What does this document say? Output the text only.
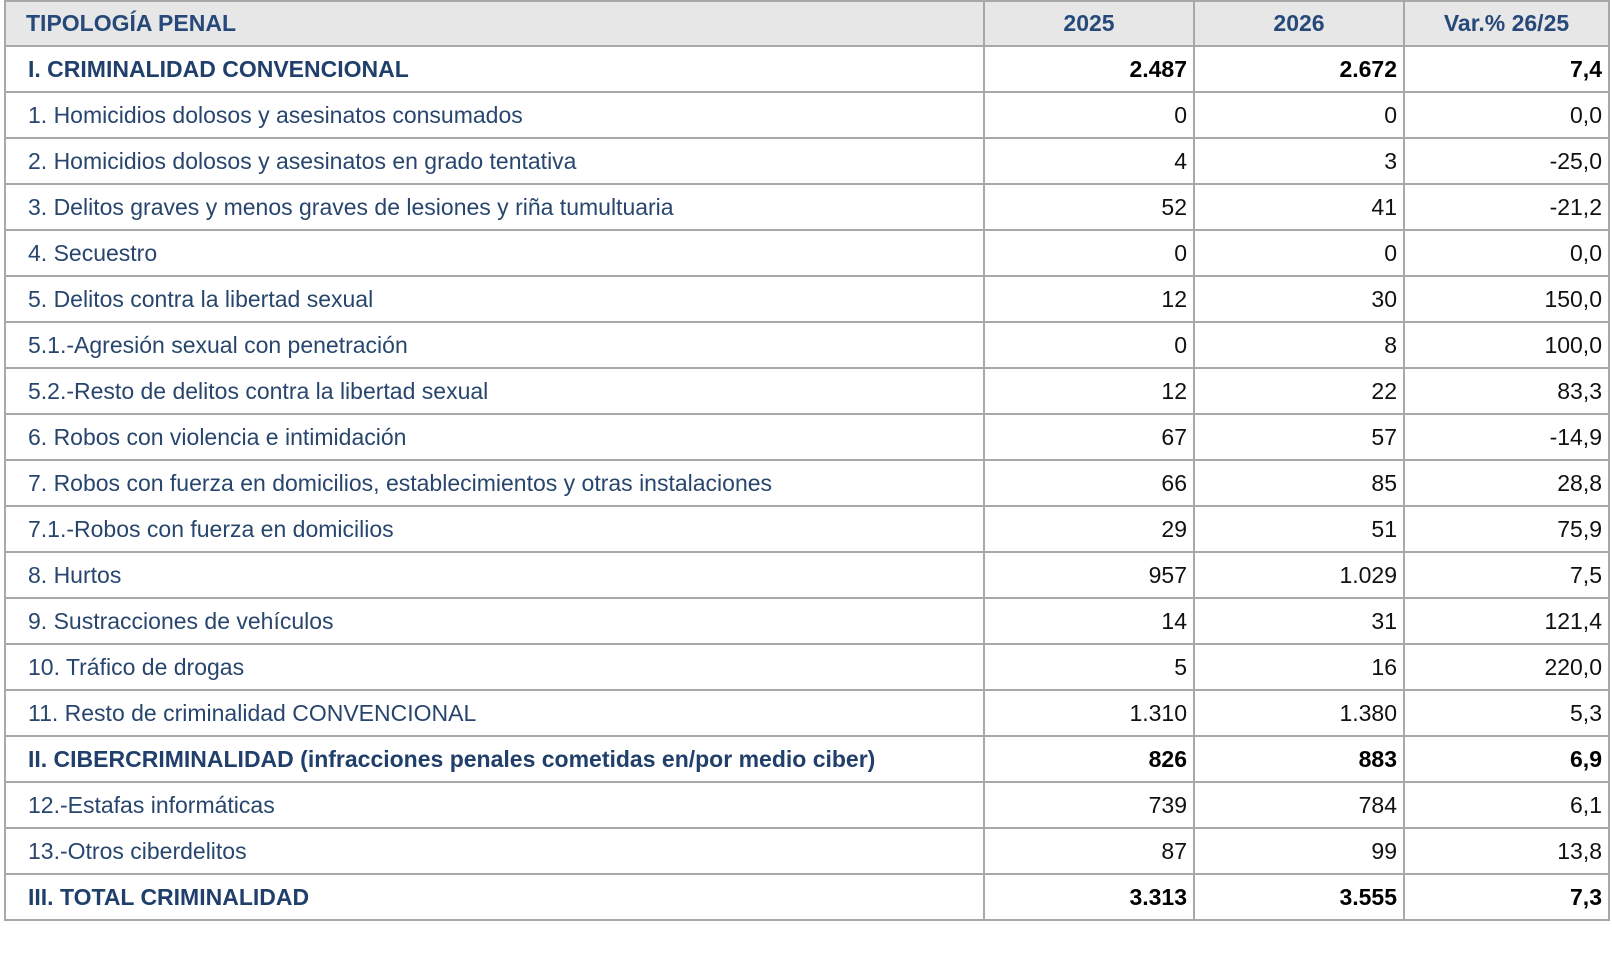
TIPOLOGÍA PENAL	2025	2026	Var.% 26/25
I. CRIMINALIDAD CONVENCIONAL	2.487	2.672	7,4
1. Homicidios dolosos y asesinatos consumados	0	0	0,0
2. Homicidios dolosos y asesinatos en grado tentativa	4	3	-25,0
3. Delitos graves y menos graves de lesiones y riña tumultuaria	52	41	-21,2
4. Secuestro	0	0	0,0
5. Delitos contra la libertad sexual	12	30	150,0
5.1.-Agresión sexual con penetración	0	8	100,0
5.2.-Resto de delitos contra la libertad sexual	12	22	83,3
6. Robos con violencia e intimidación	67	57	-14,9
7. Robos con fuerza en domicilios, establecimientos y otras instalaciones	66	85	28,8
7.1.-Robos con fuerza en domicilios	29	51	75,9
8. Hurtos	957	1.029	7,5
9. Sustracciones de vehículos	14	31	121,4
10. Tráfico de drogas	5	16	220,0
11. Resto de criminalidad CONVENCIONAL	1.310	1.380	5,3
II. CIBERCRIMINALIDAD (infracciones penales cometidas en/por medio ciber)	826	883	6,9
12.-Estafas informáticas	739	784	6,1
13.-Otros ciberdelitos	87	99	13,8
III. TOTAL CRIMINALIDAD	3.313	3.555	7,3
